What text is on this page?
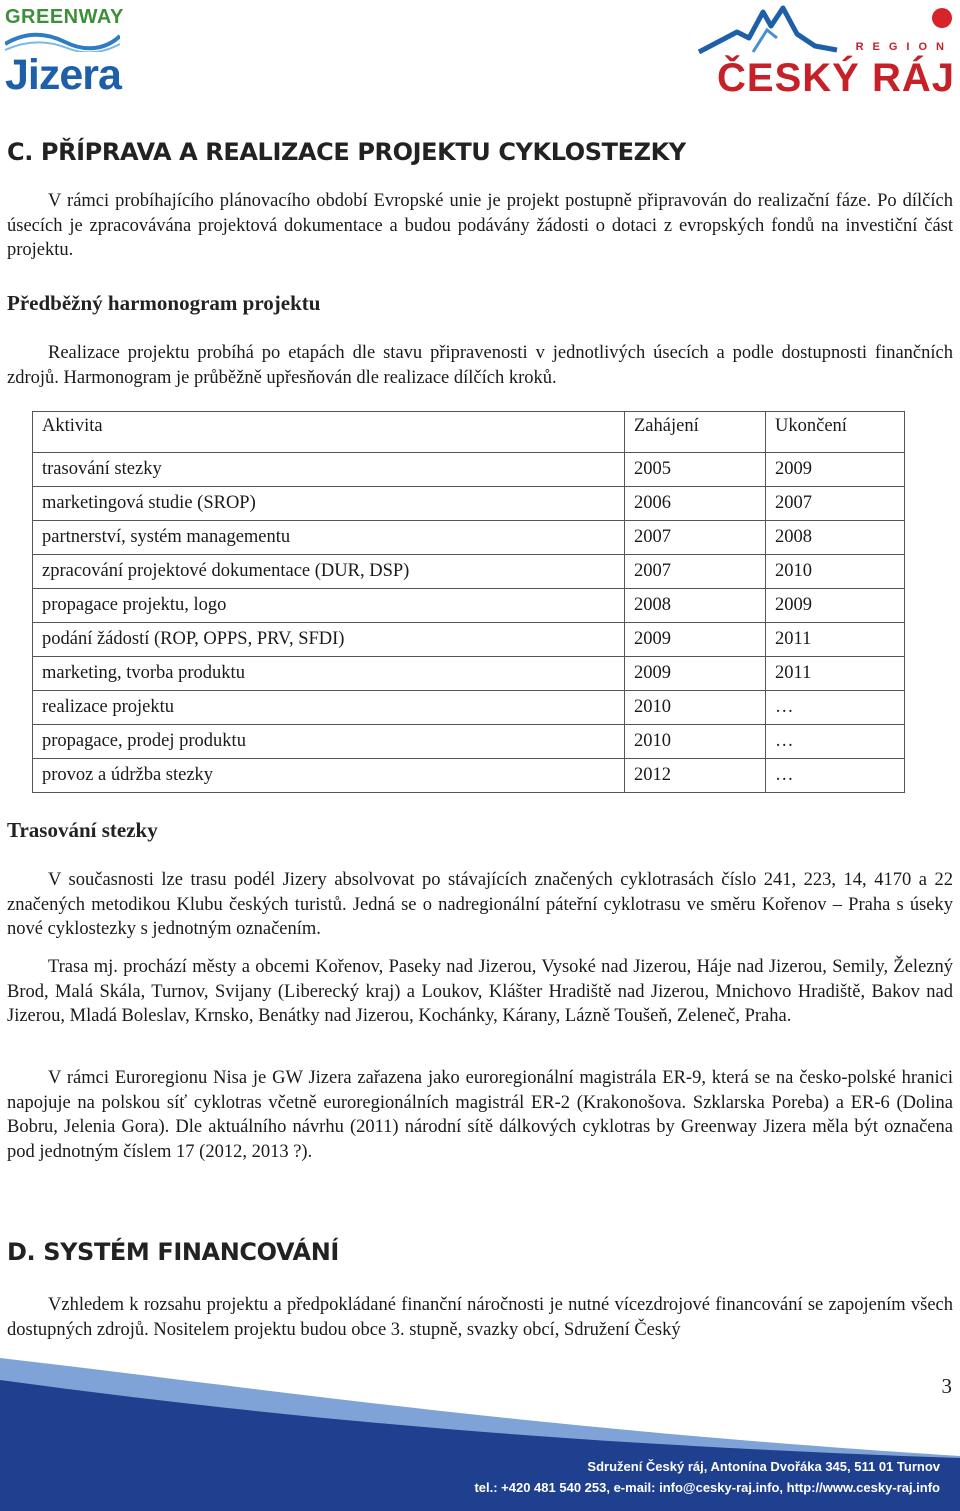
GREENWAY
Jizera
REGION
ČESKÝ RÁJ
C. PŘÍPRAVA A REALIZACE PROJEKTU CYKLOSTEZKY

V rámci probíhajícího plánovacího období Evropské unie je projekt postupně připravován do realizační fáze. Po dílčích úsecích je zpracovávána projektová dokumentace a budou podávány žádosti o dotaci z evropských fondů na investiční část projektu.

Předběžný harmonogram projektu

Realizace projektu probíhá po etapách dle stavu připravenosti v jednotlivých úsecích a podle dostupnosti finančních zdrojů. Harmonogram je průběžně upřesňován dle realizace dílčích kroků.

Aktivita	Zahájení	Ukončení
trasování stezky	2005	2009
marketingová studie (SROP)	2006	2007
partnerství, systém managementu	2007	2008
zpracování projektové dokumentace (DUR, DSP)	2007	2010
propagace projektu, logo	2008	2009
podání žádostí (ROP, OPPS, PRV, SFDI)	2009	2011
marketing, tvorba produktu	2009	2011
realizace projektu	2010	…
propagace, prodej produktu	2010	…
provoz a údržba stezky	2012	…
Trasování stezky

V současnosti lze trasu podél Jizery absolvovat po stávajících značených cyklotrasách číslo 241, 223, 14, 4170 a 22 značených metodikou Klubu českých turistů. Jedná se o nadregionální páteřní cyklotrasu ve směru Kořenov – Praha s úseky nové cyklostezky s jednotným označením.

Trasa mj. prochází městy a obcemi Kořenov, Paseky nad Jizerou, Vysoké nad Jizerou, Háje nad Jizerou, Semily, Železný Brod, Malá Skála, Turnov, Svijany (Liberecký kraj) a Loukov, Klášter Hradiště nad Jizerou, Mnichovo Hradiště, Bakov nad Jizerou, Mladá Boleslav, Krnsko, Benátky nad Jizerou, Kochánky, Kárany, Lázně Toušeň, Zeleneč, Praha.

V rámci Euroregionu Nisa je GW Jizera zařazena jako euroregionální magistrála ER-9, která se na česko-polské hranici napojuje na polskou síť cyklotras včetně euroregionálních magistrál ER-2 (Krakonošova. Szklarska Poreba) a ER-6 (Dolina Bobru, Jelenia Gora). Dle aktuálního návrhu (2011) národní sítě dálkových cyklotras by Greenway Jizera měla být označena pod jednotným číslem 17 (2012, 2013 ?).

D. SYSTÉM FINANCOVÁNÍ

Vzhledem k rozsahu projektu a předpokládané finanční náročnosti je nutné vícezdrojové financování se zapojením všech dostupných zdrojů. Nositelem projektu budou obce 3. stupně, svazky obcí, Sdružení Český

3
Sdružení Český ráj, Antonína Dvořáka 345, 511 01 Turnov
tel.: +420 481 540 253, e-mail: info@cesky-raj.info, http://www.cesky-raj.info
